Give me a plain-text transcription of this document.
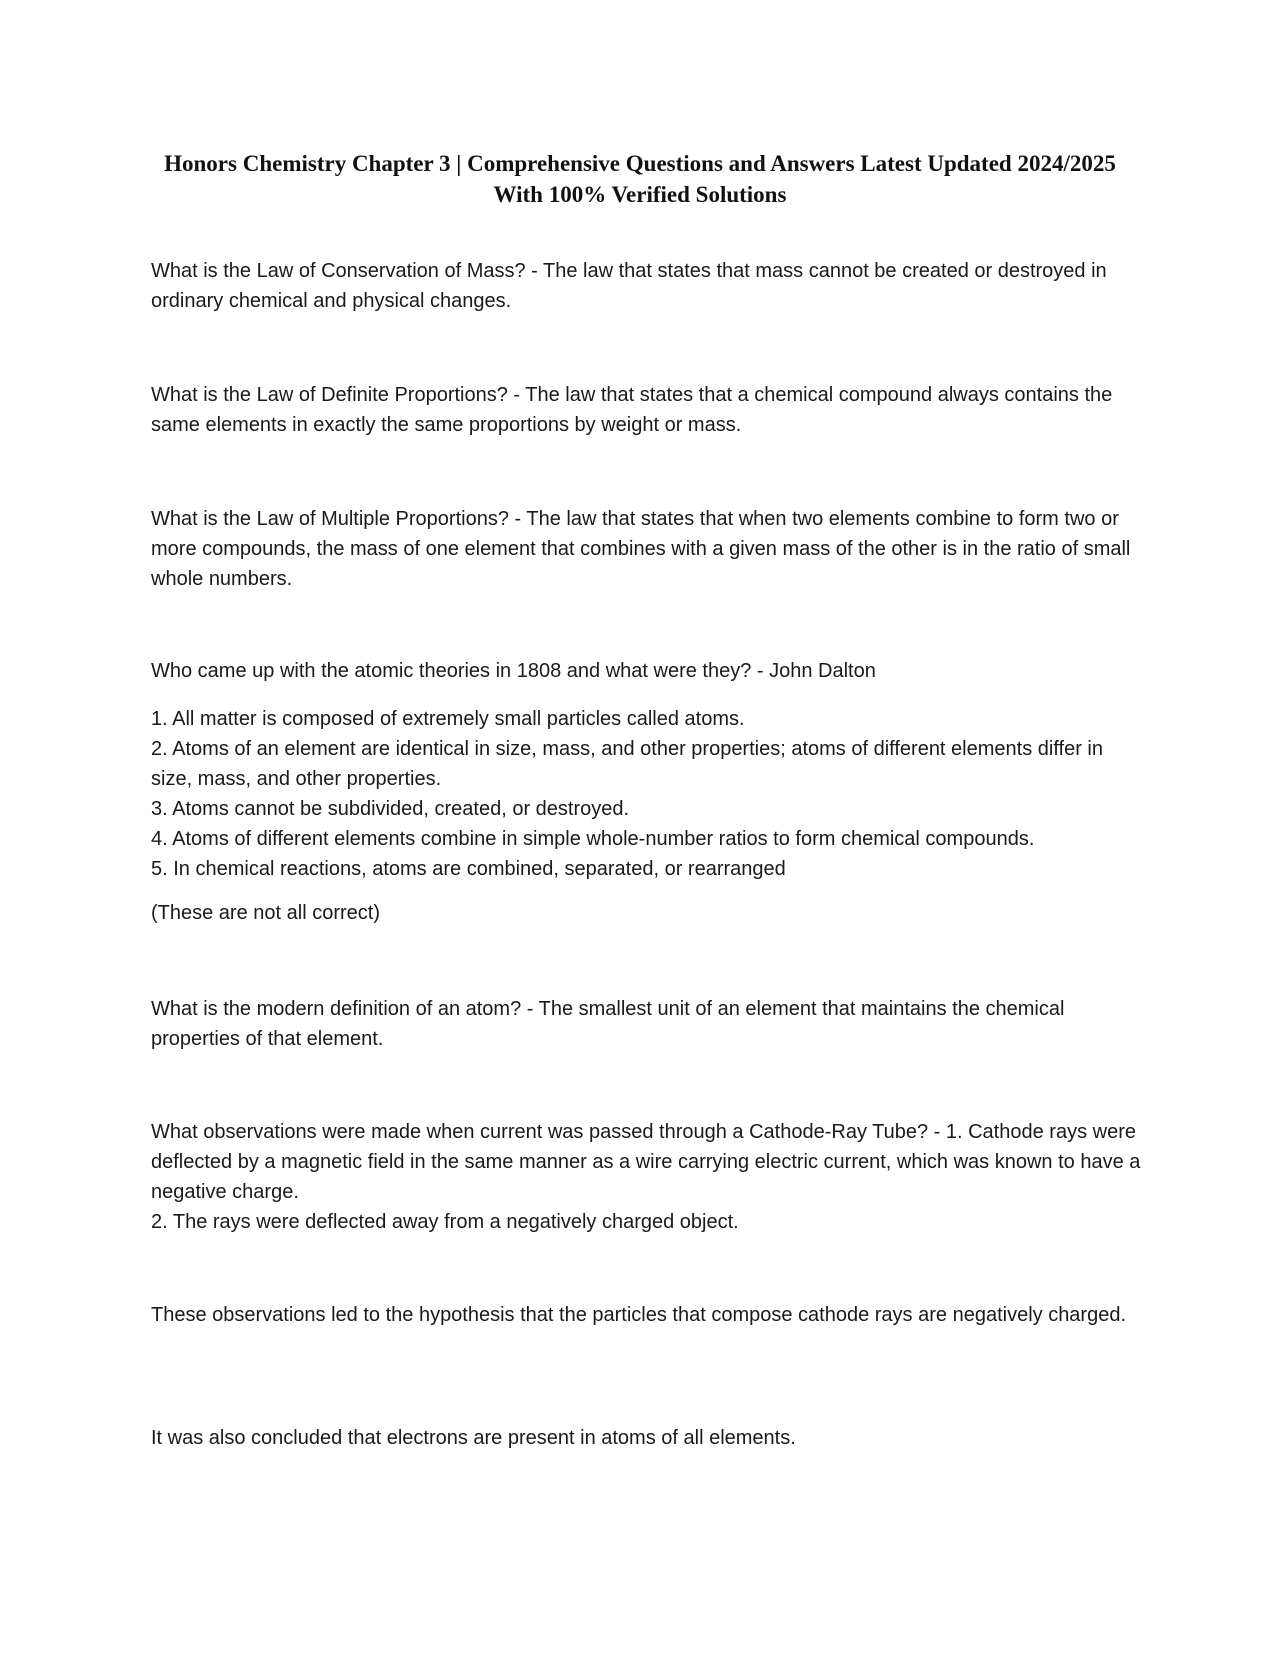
Honors Chemistry Chapter 3 | Comprehensive Questions and Answers Latest Updated 2024/2025 With 100% Verified Solutions

What is the Law of Conservation of Mass? - The law that states that mass cannot be created or destroyed in ordinary chemical and physical changes.

What is the Law of Definite Proportions? - The law that states that a chemical compound always contains the same elements in exactly the same proportions by weight or mass.

What is the Law of Multiple Proportions? - The law that states that when two elements combine to form two or more compounds, the mass of one element that combines with a given mass of the other is in the ratio of small whole numbers.

Who came up with the atomic theories in 1808 and what were they? - John Dalton

1. All matter is composed of extremely small particles called atoms.

2. Atoms of an element are identical in size, mass, and other properties; atoms of different elements differ in size, mass, and other properties.

3. Atoms cannot be subdivided, created, or destroyed.

4. Atoms of different elements combine in simple whole-number ratios to form chemical compounds.

5. In chemical reactions, atoms are combined, separated, or rearranged

(These are not all correct)

What is the modern definition of an atom? - The smallest unit of an element that maintains the chemical properties of that element.

What observations were made when current was passed through a Cathode-Ray Tube? - 1. Cathode rays were deflected by a magnetic field in the same manner as a wire carrying electric current, which was known to have a negative charge.

2. The rays were deflected away from a negatively charged object.

These observations led to the hypothesis that the particles that compose cathode rays are negatively charged.

It was also concluded that electrons are present in atoms of all elements.
